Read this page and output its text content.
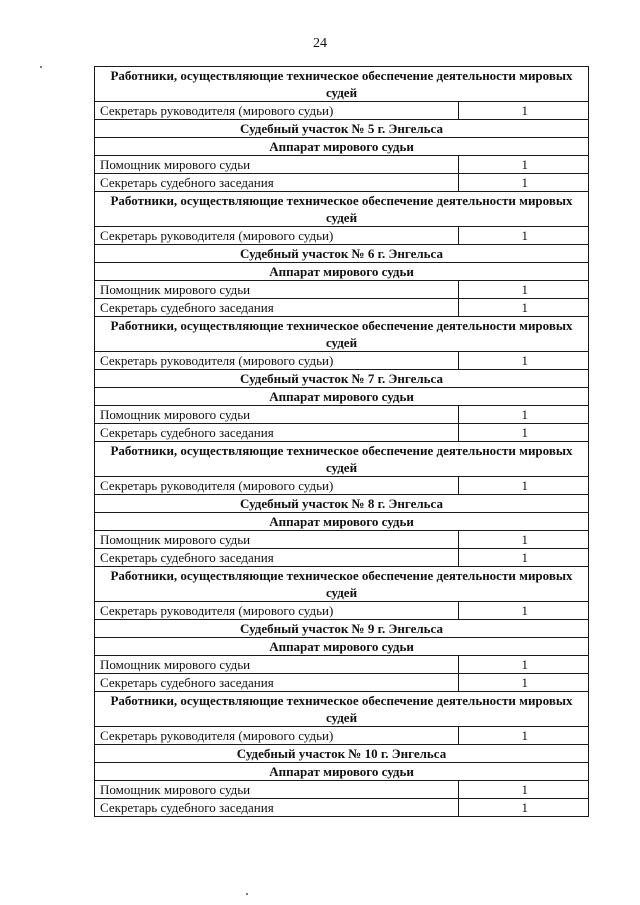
24
Работники, осуществляющие техническое обеспечение деятельности мировых судей	
Секретарь руководителя (мирового судьи)	1
Судебный участок № 5 г. Энгельса	
Аппарат мирового судьи	
Помощник мирового судьи	1
Секретарь судебного заседания	1
Работники, осуществляющие техническое обеспечение деятельности мировых судей	
Секретарь руководителя (мирового судьи)	1
Судебный участок № 6 г. Энгельса	
Аппарат мирового судьи	
Помощник мирового судьи	1
Секретарь судебного заседания	1
Работники, осуществляющие техническое обеспечение деятельности мировых судей	
Секретарь руководителя (мирового судьи)	1
Судебный участок № 7 г. Энгельса	
Аппарат мирового судьи	
Помощник мирового судьи	1
Секретарь судебного заседания	1
Работники, осуществляющие техническое обеспечение деятельности мировых судей	
Секретарь руководителя (мирового судьи)	1
Судебный участок № 8 г. Энгельса	
Аппарат мирового судьи	
Помощник мирового судьи	1
Секретарь судебного заседания	1
Работники, осуществляющие техническое обеспечение деятельности мировых судей	
Секретарь руководителя (мирового судьи)	1
Судебный участок № 9 г. Энгельса	
Аппарат мирового судьи	
Помощник мирового судьи	1
Секретарь судебного заседания	1
Работники, осуществляющие техническое обеспечение деятельности мировых судей	
Секретарь руководителя (мирового судьи)	1
Судебный участок № 10 г. Энгельса	
Аппарат мирового судьи	
Помощник мирового судьи	1
Секретарь судебного заседания	1
